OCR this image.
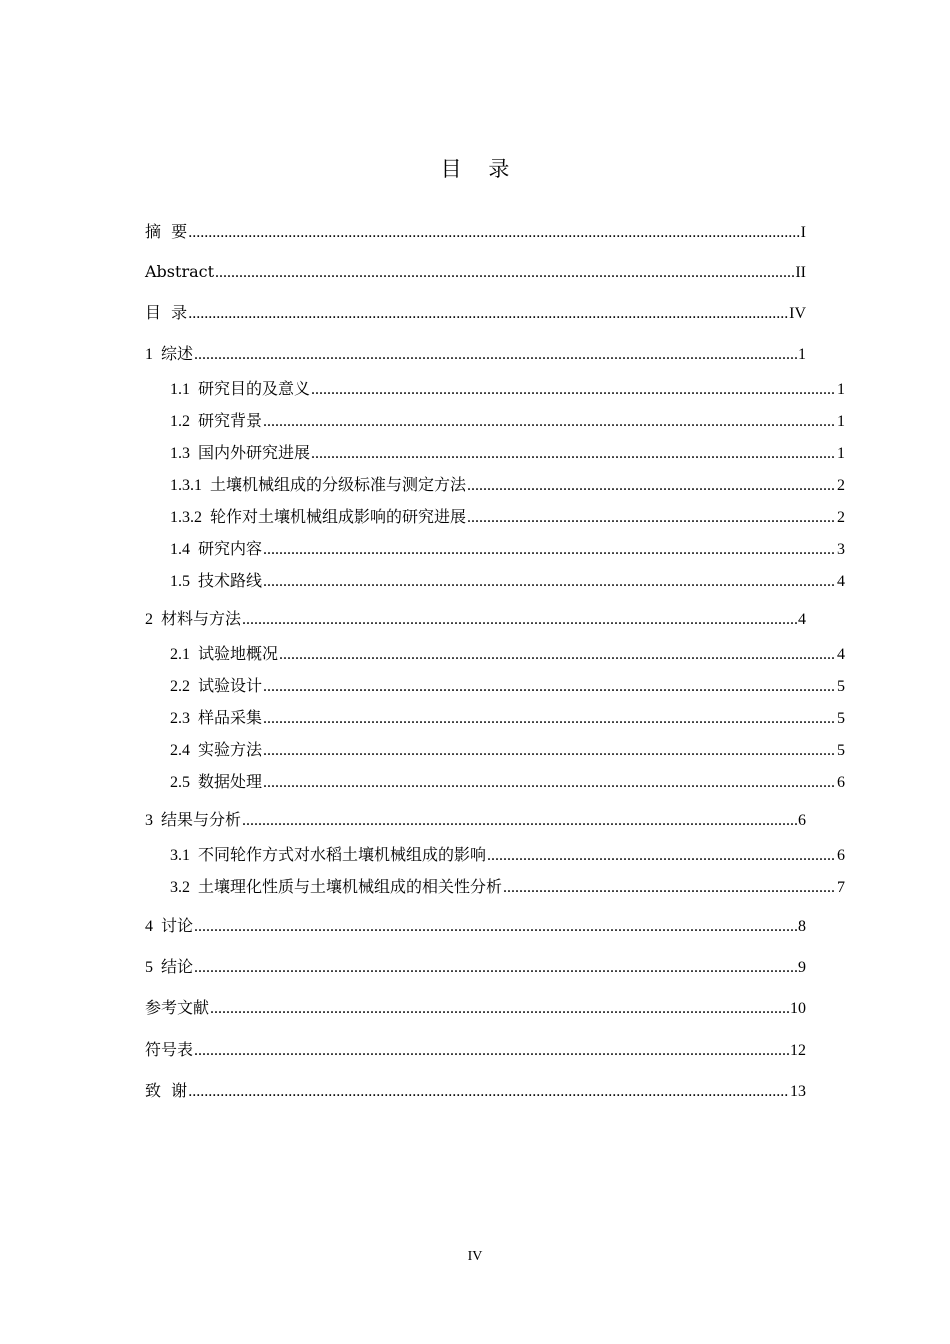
目 录
摘  要 .....	I
Abstract .....	II
目  录 .....	IV
1 综述 .....	1
1.1 研究目的及意义 .....	1
1.2 研究背景 .....	1
1.3 国内外研究进展 .....	1
1.3.1 土壤机械组成的分级标准与测定方法 .....	2
1.3.2 轮作对土壤机械组成影响的研究进展 .....	2
1.4 研究内容 .....	3
1.5 技术路线 .....	4
2 材料与方法 .....	4
2.1 试验地概况 .....	4
2.2 试验设计 .....	5
2.3 样品采集 .....	5
2.4 实验方法 .....	5
2.5 数据处理 .....	6
3 结果与分析 .....	6
3.1 不同轮作方式对水稻土壤机械组成的影响 .....	6
3.2 土壤理化性质与土壤机械组成的相关性分析 .....	7
4 讨论 .....	8
5 结论 .....	9
参考文献 .....	10
符号表 .....	12
致  谢 .....	13
IV
